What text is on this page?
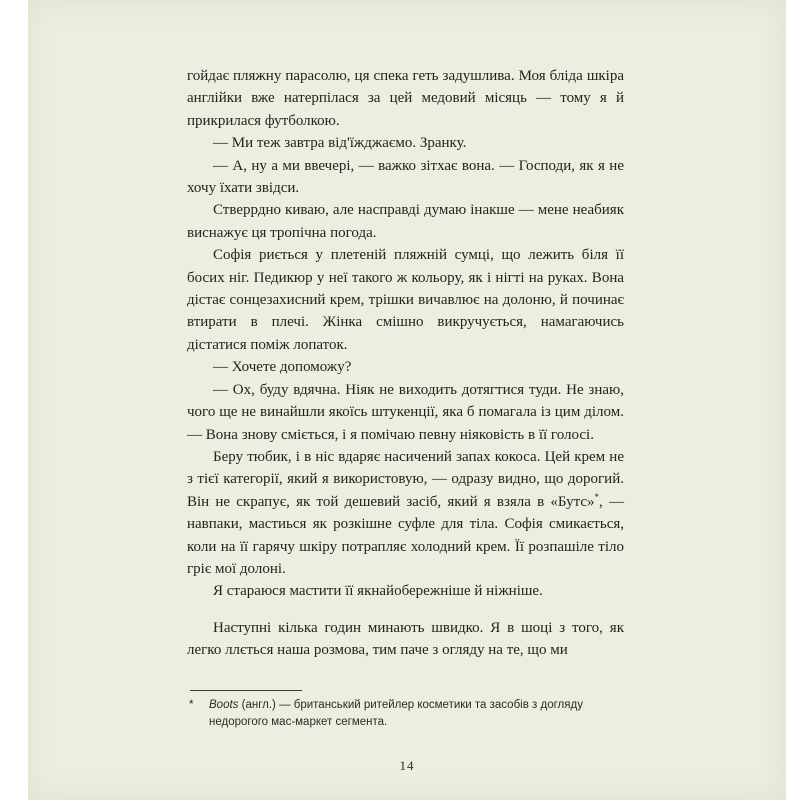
гойдає пляжну парасолю, ця спека геть задушлива. Моя бліда шкіра англійки вже натерпілася за цей медовий місяць — тому я й прикрилася футболкою.

— Ми теж завтра від'їжджаємо. Зранку.

— А, ну а ми ввечері, — важко зітхає вона. — Господи, як я не хочу їхати звідси.

Стверрдно киваю, але насправді думаю інакше — мене неабияк виснажує ця тропічна погода.

Софія риється у плетеній пляжній сумці, що лежить біля її босих ніг. Педикюр у неї такого ж кольору, як і нігті на руках. Вона дістає сонцезахисний крем, трішки вичавлює на долоню, й починає втирати в плечі. Жінка смішно викручується, намагаючись дістатися поміж лопаток.

— Хочете допоможу?

— Ох, буду вдячна. Ніяк не виходить дотягтися туди. Не знаю, чого ще не винайшли якоїсь штукенції, яка б помагала із цим ділом. — Вона знову сміється, і я помічаю певну ніяковість в її голосі.

Беру тюбик, і в ніс вдаряє насичений запах кокоса. Цей крем не з тієї категорії, який я використовую, — одразу видно, що дорогий. Він не скрапує, як той дешевий засіб, який я взяла в «Бутс»*, — навпаки, мастиься як розкішне суфле для тіла. Софія смикається, коли на її гарячу шкіру потрапляє холодний крем. Її розпашіле тіло гріє мої долоні.

Я стараюся мастити її якнайобережніше й ніжніше.

Наступні кілька годин минають швидко. Я в шоці з того, як легко ллється наша розмова, тим паче з огляду на те, що ми

*	Boots (англ.) — британський ритейлер косметики та засобів з догляду недорогого мас-маркет сегмента.
14
